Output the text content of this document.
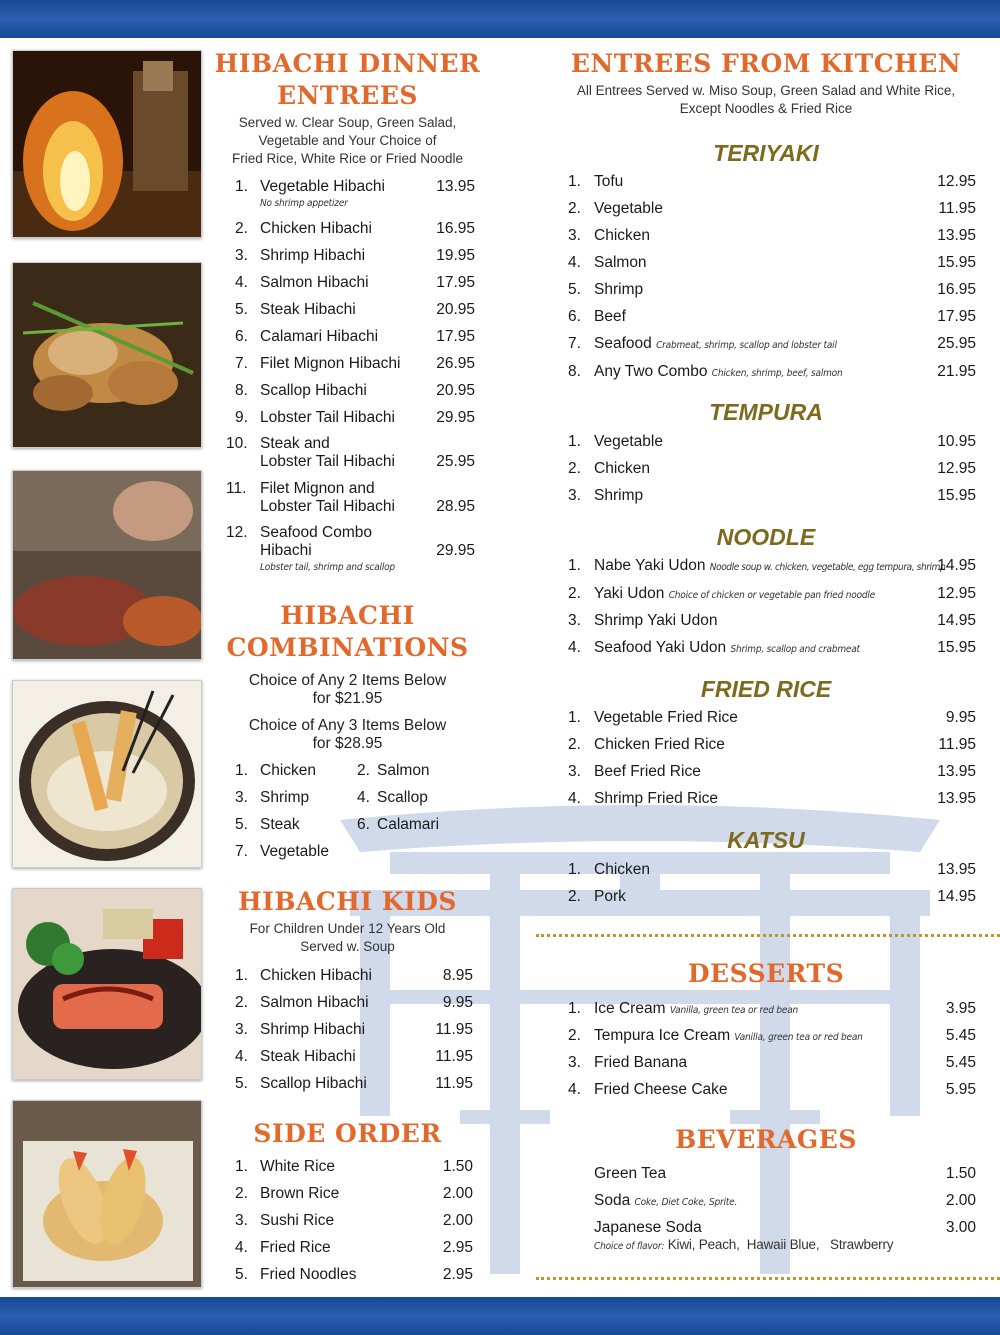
HIBACHI DINNER
ENTREES
Served w. Clear Soup, Green Salad,
Vegetable and Your Choice of
Fried Rice, White Rice or Fried Noodle
1. Vegetable Hibachi	13.95
No shrimp appetizer
2. Chicken Hibachi	16.95
3. Shrimp Hibachi	19.95
4. Salmon Hibachi	17.95
5. Steak Hibachi	20.95
6. Calamari Hibachi	17.95
7. Filet Mignon Hibachi 26.95
8. Scallop Hibachi	20.95
9. Lobster Tail Hibachi	29.95
10. Steak and
Lobster Tail Hibachi	25.95
11. Filet Mignon and
Lobster Tail Hibachi	28.95
12. Seafood Combo
Hibachi	29.95
Lobster tail, shrimp and scallop
HIBACHI
COMBINATIONS
Choice of Any 2 Items Below
for $21.95
Choice of Any 3 Items Below
for $28.95
1. Chicken	2. Salmon
3. Shrimp	4. Scallop
5. Steak	6. Calamari
7. Vegetable
HIBACHI KIDS
For Children Under 12 Years Old
Served w. Soup
1. Chicken Hibachi	8.95
2. Salmon Hibachi	9.95
3. Shrimp Hibachi	11.95
4. Steak Hibachi	11.95
5. Scallop Hibachi	11.95
SIDE ORDER
1. White Rice	1.50
2. Brown Rice	2.00
3. Sushi Rice	2.00
4. Fried Rice	2.95
5. Fried Noodles	2.95
ENTREES FROM KITCHEN
All Entrees Served w. Miso Soup, Green Salad and White Rice,
Except Noodles & Fried Rice
TERIYAKI
1. Tofu	12.95
2. Vegetable	11.95
3. Chicken	13.95
4. Salmon	15.95
5. Shrimp	16.95
6. Beef	17.95
7. Seafood Crabmeat, shrimp, scallop and lobster tail	25.95
8. Any Two Combo Chicken, shrimp, beef, salmon	21.95
TEMPURA
1. Vegetable	10.95
2. Chicken	12.95
3. Shrimp	15.95
NOODLE
1. Nabe Yaki Udon Noodle soup w. chicken, vegetable, egg tempura, shrimp
14.95
2. Yaki Udon Choice of chicken or vegetable pan fried noodle	12.95
3. Shrimp Yaki Udon	14.95
4. Seafood Yaki Udon Shrimp, scallop and crabmeat	15.95
FRIED RICE
1. Vegetable Fried Rice	9.95
2. Chicken Fried Rice	11.95
3. Beef Fried Rice	13.95
4. Shrimp Fried Rice	13.95
KATSU
1. Chicken	13.95
2. Pork	14.95
DESSERTS
1. Ice Cream Vanilla, green tea or red bean	3.95
2. Tempura Ice Cream Vanilla, green tea or red bean	5.45
3. Fried Banana	5.45
4. Fried Cheese Cake	5.95
BEVERAGES
Green Tea	1.50
Soda Coke, Diet Coke, Sprite.	2.00
Japanese Soda	3.00
Choice of flavor: Kiwi, Peach,  Hawaii Blue,   Strawberry
